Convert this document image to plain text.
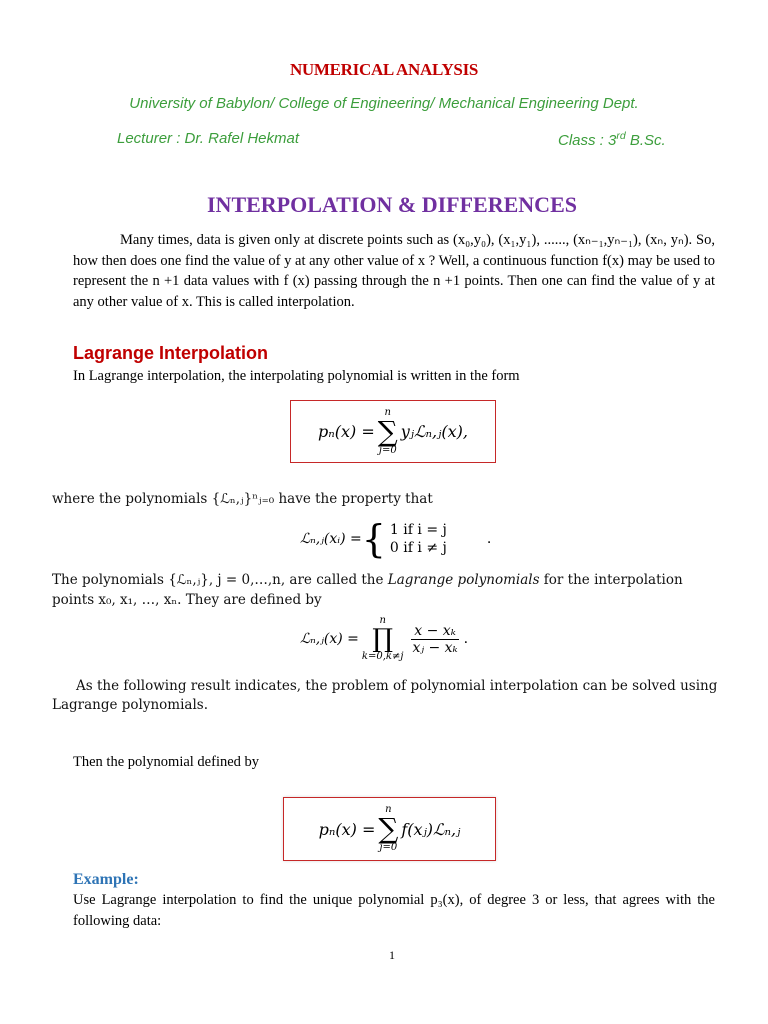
NUMERICAL ANALYSIS
University of Babylon/ College of Engineering/ Mechanical Engineering Dept.
Lecturer : Dr. Rafel Hekmat	Class : 3rd B.Sc.
INTERPOLATION & DIFFERENCES
Many times, data is given only at discrete points such as (x₀,y₀), (x₁,y₁), ......, (xₙ₋₁,yₙ₋₁), (xₙ, yₙ). So, how then does one find the value of y at any other value of x ? Well, a continuous function f(x) may be used to represent the n +1 data values with f (x) passing through the n +1 points. Then one can find the value of y at any other value of x. This is called interpolation.
Lagrange Interpolation
In Lagrange interpolation, the interpolating polynomial is written in the form
pₙ(x) =
n
∑
j=0
yⱼℒₙ,ⱼ(x),
where the polynomials {ℒₙ,ⱼ}ⁿⱼ₌₀ have the property that
ℒₙ,ⱼ(xᵢ) = { 1 if i = j
0 if i ≠ j
.
The polynomials {ℒₙ,ⱼ}, j = 0,…,n, are called the Lagrange polynomials for the interpolation
points x₀, x₁, …, xₙ. They are defined by
ℒₙ,ⱼ(x) =
n
∏
k=0,k≠j
$\frac{\text{x − xₖ}}{\text{xⱼ − xₖ}}$ .
As the following result indicates, the problem of polynomial interpolation can be solved using
Lagrange polynomials.
Then the polynomial defined by
pₙ(x) =
n
∑
j=0
f(xⱼ)ℒₙ,ⱼ
Example:
Use Lagrange interpolation to find the unique polynomial p₃(x), of degree 3 or less, that agrees with the following data:
1
